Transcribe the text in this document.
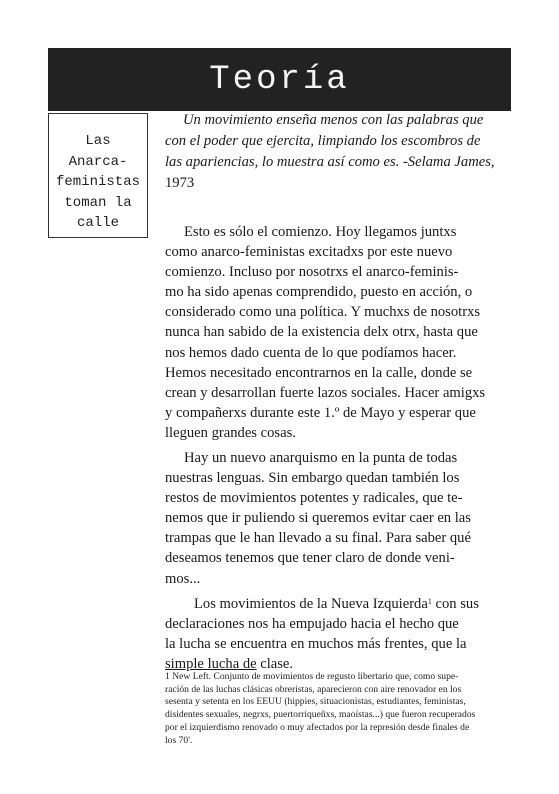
Teoría
Las
Anarca-
feministas
toman la
calle
Un movimiento enseña menos con las palabras que
con el poder que ejercita, limpiando los escombros de
las apariencias, lo muestra así como es. -Selama James,
1973
Esto es sólo el comienzo. Hoy llegamos juntxs
como anarco-feministas excitadxs por este nuevo
comienzo. Incluso por nosotrxs el anarco-feminis-
mo ha sido apenas comprendido, puesto en acción, o
considerado como una política. Y muchxs de nosotrxs
nunca han sabido de la existencia delx otrx, hasta que
nos hemos dado cuenta de lo que podíamos hacer.
Hemos necesitado encontrarnos en la calle, donde se
crean y desarrollan fuerte lazos sociales. Hacer amigxs
y compañerxs durante este 1.º de Mayo y esperar que
lleguen grandes cosas.
Hay un nuevo anarquismo en la punta de todas
nuestras lenguas. Sin embargo quedan también los
restos de movimientos potentes y radicales, que te-
nemos que ir puliendo si queremos evitar caer en las
trampas que le han llevado a su final. Para saber qué
deseamos tenemos que tener claro de donde veni-
mos...
Los movimientos de la Nueva Izquierda$^1$ con sus
declaraciones nos ha empujado hacia el hecho que
la lucha se encuentra en muchos más frentes, que la
simple lucha de clase.
1 New Left. Conjunto de movimientos de regusto libertario que, como supe-
ración de las luchas clásicas obreristas, aparecieron con aire renovador en los
sesenta y setenta en los EEUU (hippies, situacionistas, estudiantes, feministas,
disidentes sexuales, negrxs, puertorriqueñxs, maoístas...) que fueron recuperados
por el izquierdismo renovado o muy afectados por la represión desde finales de
los 70'.
